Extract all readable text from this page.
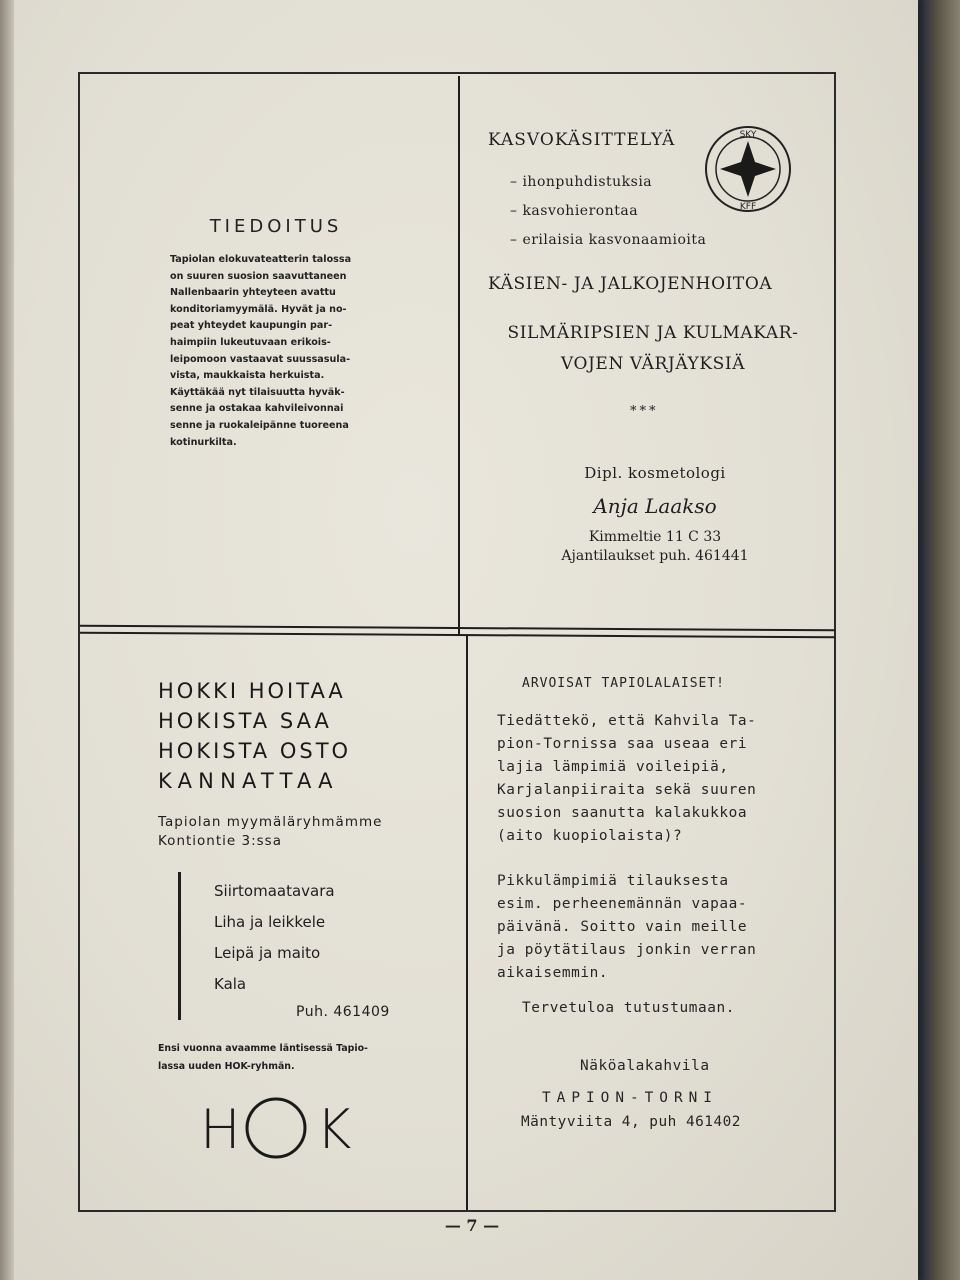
TIEDOITUS
Tapiolan elokuvateatterin talossa
on suuren suosion saavuttaneen
Nallenbaarin yhteyteen avattu
konditoriamyymälä. Hyvät ja no-
peat yhteydet kaupungin par-
haimpiin lukeutuvaan erikois-
leipomoon vastaavat suussasula-
vista, maukkaista herkuista.
Käyttäkää nyt tilaisuutta hyväk-
senne ja ostakaa kahvileivonnai
senne ja ruokaleipänne tuoreena
kotinurkilta.
KASVOKÄSITTELYÄ
– ihonpuhdistuksia
– kasvohierontaa
– erilaisia kasvonaamioita
SKY
KFF
KÄSIEN- JA JALKOJENHOITOA
SILMÄRIPSIEN JA KULMAKAR-
VOJEN VÄRJÄYKSIÄ
***
Dipl. kosmetologi
Anja Laakso
Kimmeltie 11 C 33
Ajantilaukset puh. 461441
HOKKI HOITAA
HOKISTA SAA
HOKISTA OSTO
KANNATTAA
Tapiolan myymäläryhmämme
Kontiontie 3:ssa
Siirtomaatavara
Liha ja leikkele
Leipä ja maito
Kala
Puh. 461409
Ensi vuonna avaamme läntisessä Tapio-
lassa uuden HOK-ryhmän.
H K
ARVOISAT TAPIOLALAISET!
Tiedättekö, että Kahvila Ta-
pion-Tornissa saa useaa eri
lajia lämpimiä voileipiä,
Karjalanpiiraita sekä suuren
suosion saanutta kalakukkoa
(aito kuopiolaista)?
Pikkulämpimiä tilauksesta
esim. perheenemännän vapaa-
päivänä. Soitto vain meille
ja pöytätilaus jonkin verran
aikaisemmin.
Tervetuloa tutustumaan.
Näköalakahvila
TAPION-TORNI
Mäntyviita 4, puh 461402
— 7 —
